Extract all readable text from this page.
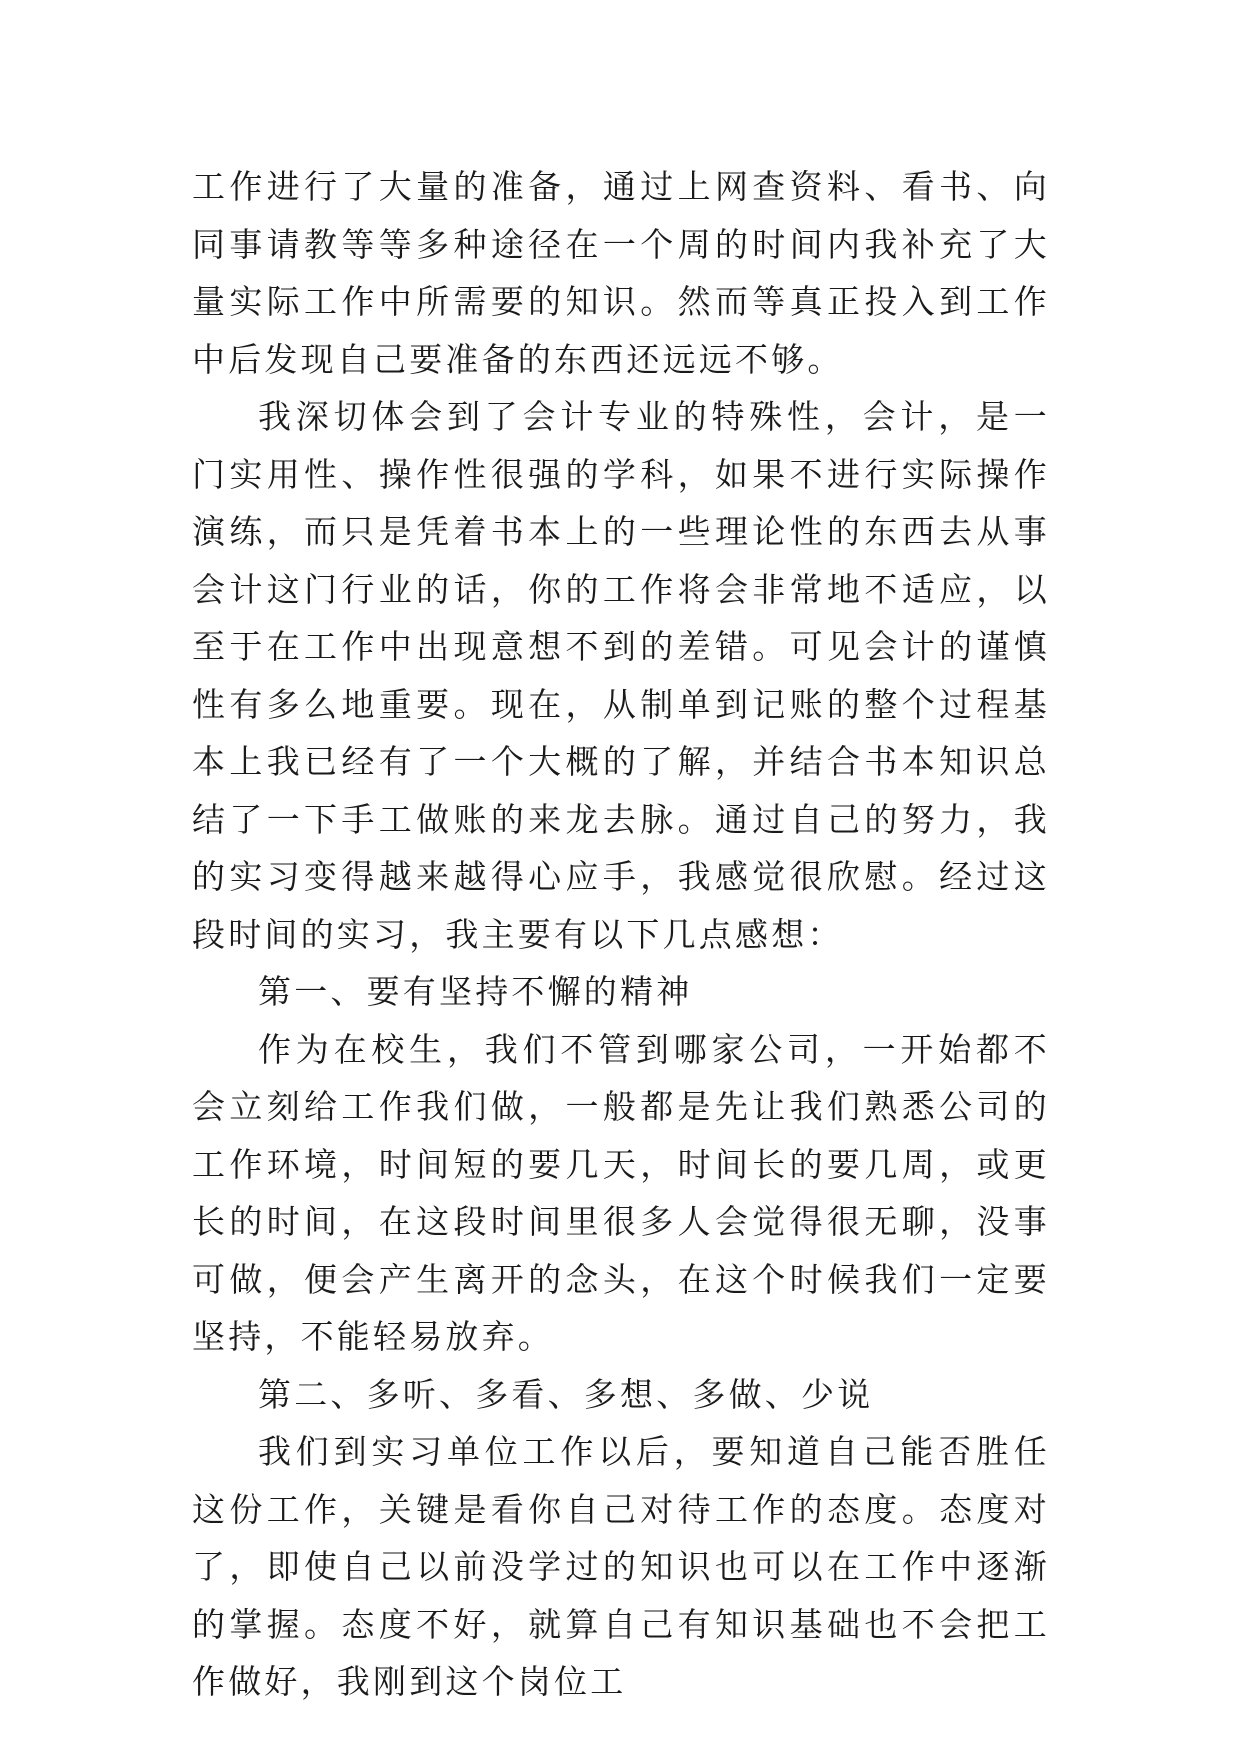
工作进行了大量的准备，通过上网查资料、看书、向同事请教等等多种途径在一个周的时间内我补充了大量实际工作中所需要的知识。然而等真正投入到工作中后发现自己要准备的东西还远远不够。

我深切体会到了会计专业的特殊性，会计，是一门实用性、操作性很强的学科，如果不进行实际操作演练，而只是凭着书本上的一些理论性的东西去从事会计这门行业的话，你的工作将会非常地不适应，以至于在工作中出现意想不到的差错。可见会计的谨慎性有多么地重要。现在，从制单到记账的整个过程基本上我已经有了一个大概的了解，并结合书本知识总结了一下手工做账的来龙去脉。通过自己的努力，我的实习变得越来越得心应手，我感觉很欣慰。经过这段时间的实习，我主要有以下几点感想：

第一、要有坚持不懈的精神

作为在校生，我们不管到哪家公司，一开始都不会立刻给工作我们做，一般都是先让我们熟悉公司的工作环境，时间短的要几天，时间长的要几周，或更长的时间，在这段时间里很多人会觉得很无聊，没事可做，便会产生离开的念头，在这个时候我们一定要坚持，不能轻易放弃。

第二、多听、多看、多想、多做、少说

我们到实习单位工作以后，要知道自己能否胜任这份工作，关键是看你自己对待工作的态度。态度对了，即使自己以前没学过的知识也可以在工作中逐渐的掌握。态度不好，就算自己有知识基础也不会把工作做好，我刚到这个岗位工
